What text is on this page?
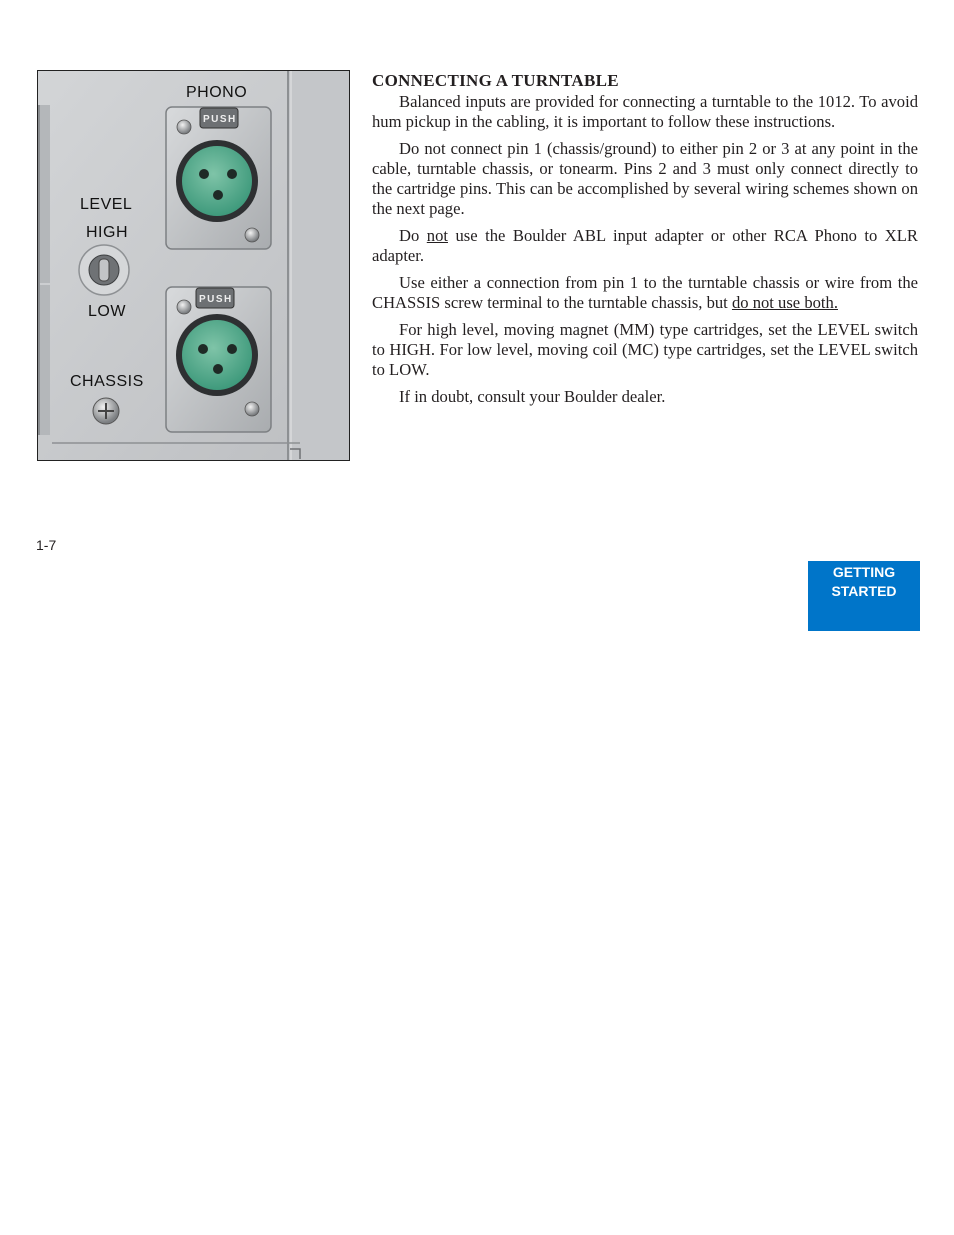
PHONO
LEVEL
HIGH
LOW
CHASSIS
PUSH
PUSH
CONNECTING A TURNTABLE

Balanced inputs are provided for connecting a turntable to the 1012. To avoid hum pickup in the cabling, it is important to follow these instructions.

Do not connect pin 1 (chassis/ground) to either pin 2 or 3 at any point in the cable, turntable chassis, or tonearm. Pins 2 and 3 must only connect directly to the cartridge pins. This can be accomplished by several wiring schemes shown on the next page.

Do not use the Boulder ABL input adapter or other RCA Phono to XLR adapter.

Use either a connection from pin 1 to the turntable chassis or wire from the CHASSIS screw terminal to the turntable chassis, but do not use both.

For high level, moving magnet (MM) type cartridges, set the LEVEL switch to HIGH. For low level, moving coil (MC) type cartridges, set the LEVEL switch to LOW.

If in doubt, consult your Boulder dealer.

1-7
GETTING
STARTED
